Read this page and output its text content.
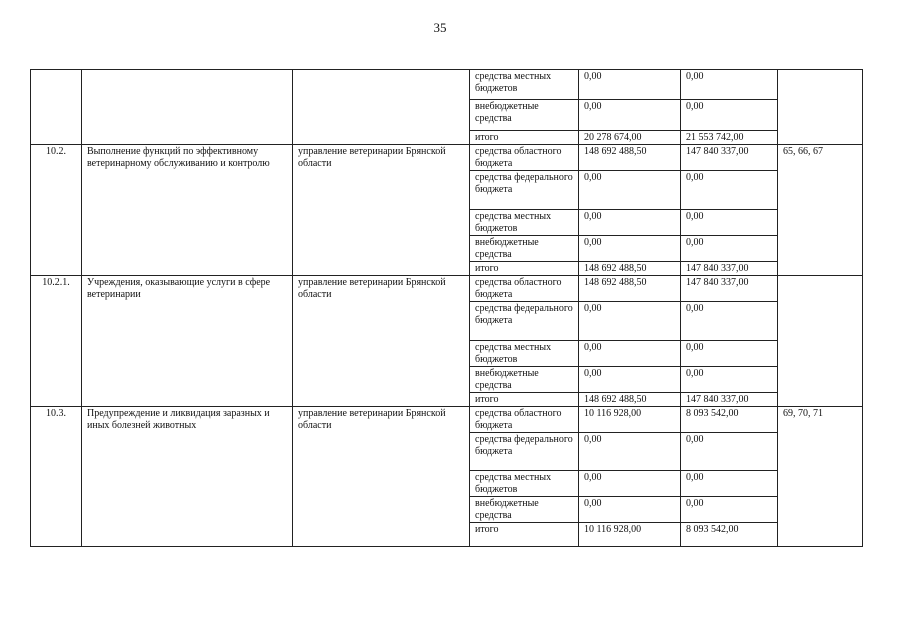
35
			средства местных бюджетов	0,00	0,00	
			внебюджетные средства	0,00	0,00	
			итого	20 278 674,00	21 553 742,00	
10.2.	Выполнение функций по эффективному ветеринарному обслуживанию и контролю	управление ветеринарии Брянской области	средства областного бюджета	148 692 488,50	147 840 337,00	65, 66, 67
			средства федерального бюджета	0,00	0,00	
			средства местных бюджетов	0,00	0,00	
			внебюджетные средства	0,00	0,00	
			итого	148 692 488,50	147 840 337,00	
10.2.1.	Учреждения, оказывающие услуги в сфере ветеринарии	управление ветеринарии Брянской области	средства областного бюджета	148 692 488,50	147 840 337,00	
			средства федерального бюджета	0,00	0,00	
			средства местных бюджетов	0,00	0,00	
			внебюджетные средства	0,00	0,00	
			итого	148 692 488,50	147 840 337,00	
10.3.	Предупреждение и ликвидация заразных и иных болезней животных	управление ветеринарии Брянской области	средства областного бюджета	10 116 928,00	8 093 542,00	69, 70, 71
			средства федерального бюджета	0,00	0,00	
			средства местных бюджетов	0,00	0,00	
			внебюджетные средства	0,00	0,00	
			итого	10 116 928,00	8 093 542,00	
